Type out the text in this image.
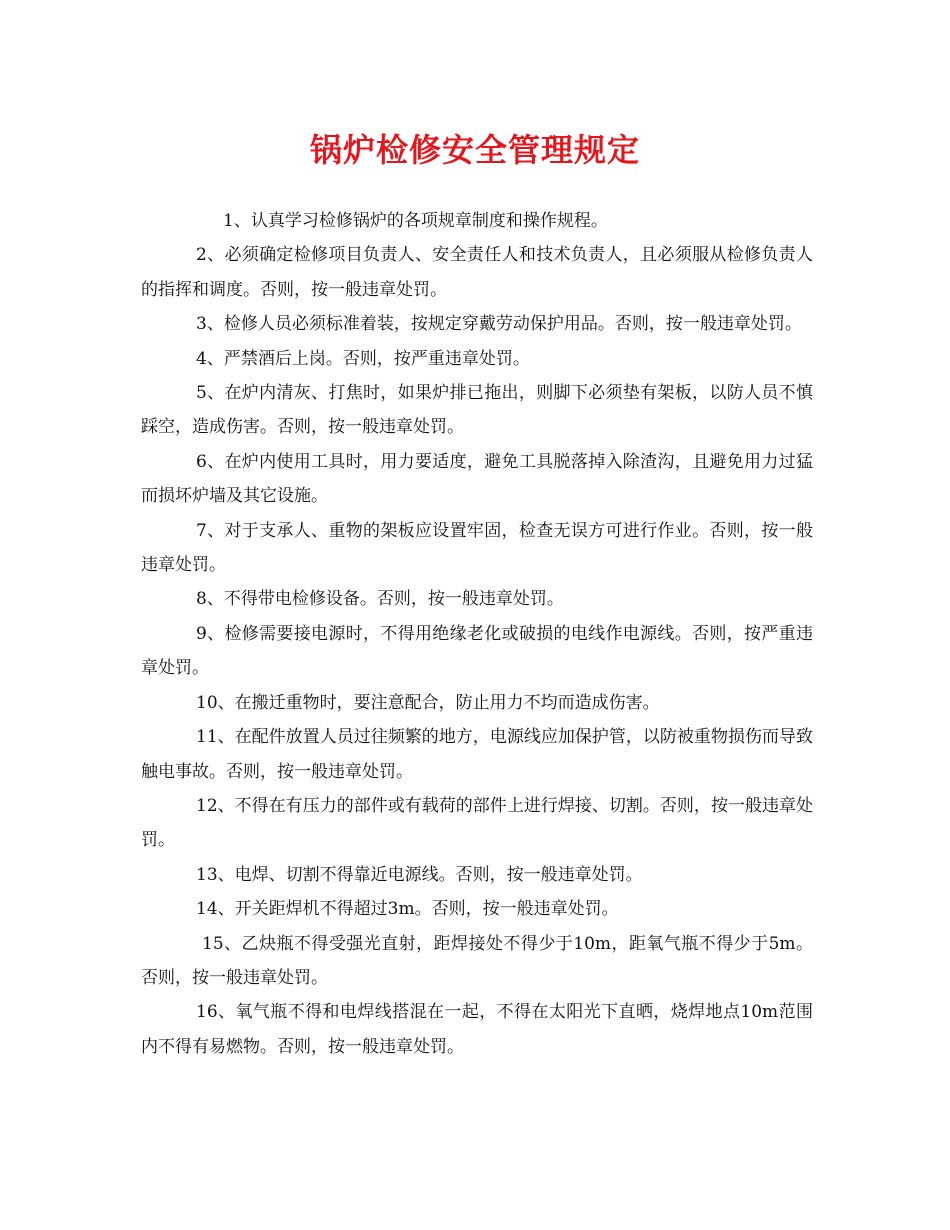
锅炉检修安全管理规定

1、认真学习检修锅炉的各项规章制度和操作规程。

2、必须确定检修项目负责人、安全责任人和技术负责人，且必须服从检修负责人的指挥和调度。否则，按一般违章处罚。

3、检修人员必须标准着装，按规定穿戴劳动保护用品。否则，按一般违章处罚。

4、严禁酒后上岗。否则，按严重违章处罚。

5、在炉内清灰、打焦时，如果炉排已拖出，则脚下必须垫有架板，以防人员不慎踩空，造成伤害。否则，按一般违章处罚。

6、在炉内使用工具时，用力要适度，避免工具脱落掉入除渣沟，且避免用力过猛而损坏炉墙及其它设施。

7、对于支承人、重物的架板应设置牢固，检查无误方可进行作业。否则，按一般违章处罚。

8、不得带电检修设备。否则，按一般违章处罚。

9、检修需要接电源时，不得用绝缘老化或破损的电线作电源线。否则，按严重违章处罚。

10、在搬迁重物时，要注意配合，防止用力不均而造成伤害。

11、在配件放置人员过往频繁的地方，电源线应加保护管，以防被重物损伤而导致触电事故。否则，按一般违章处罚。

12、不得在有压力的部件或有载荷的部件上进行焊接、切割。否则，按一般违章处罚。

13、电焊、切割不得靠近电源线。否则，按一般违章处罚。

14、开关距焊机不得超过3m。否则，按一般违章处罚。

15、乙炔瓶不得受强光直射，距焊接处不得少于10m，距氧气瓶不得少于5m。否则，按一般违章处罚。

16、氧气瓶不得和电焊线搭混在一起，不得在太阳光下直晒，烧焊地点10m范围内不得有易燃物。否则，按一般违章处罚。
